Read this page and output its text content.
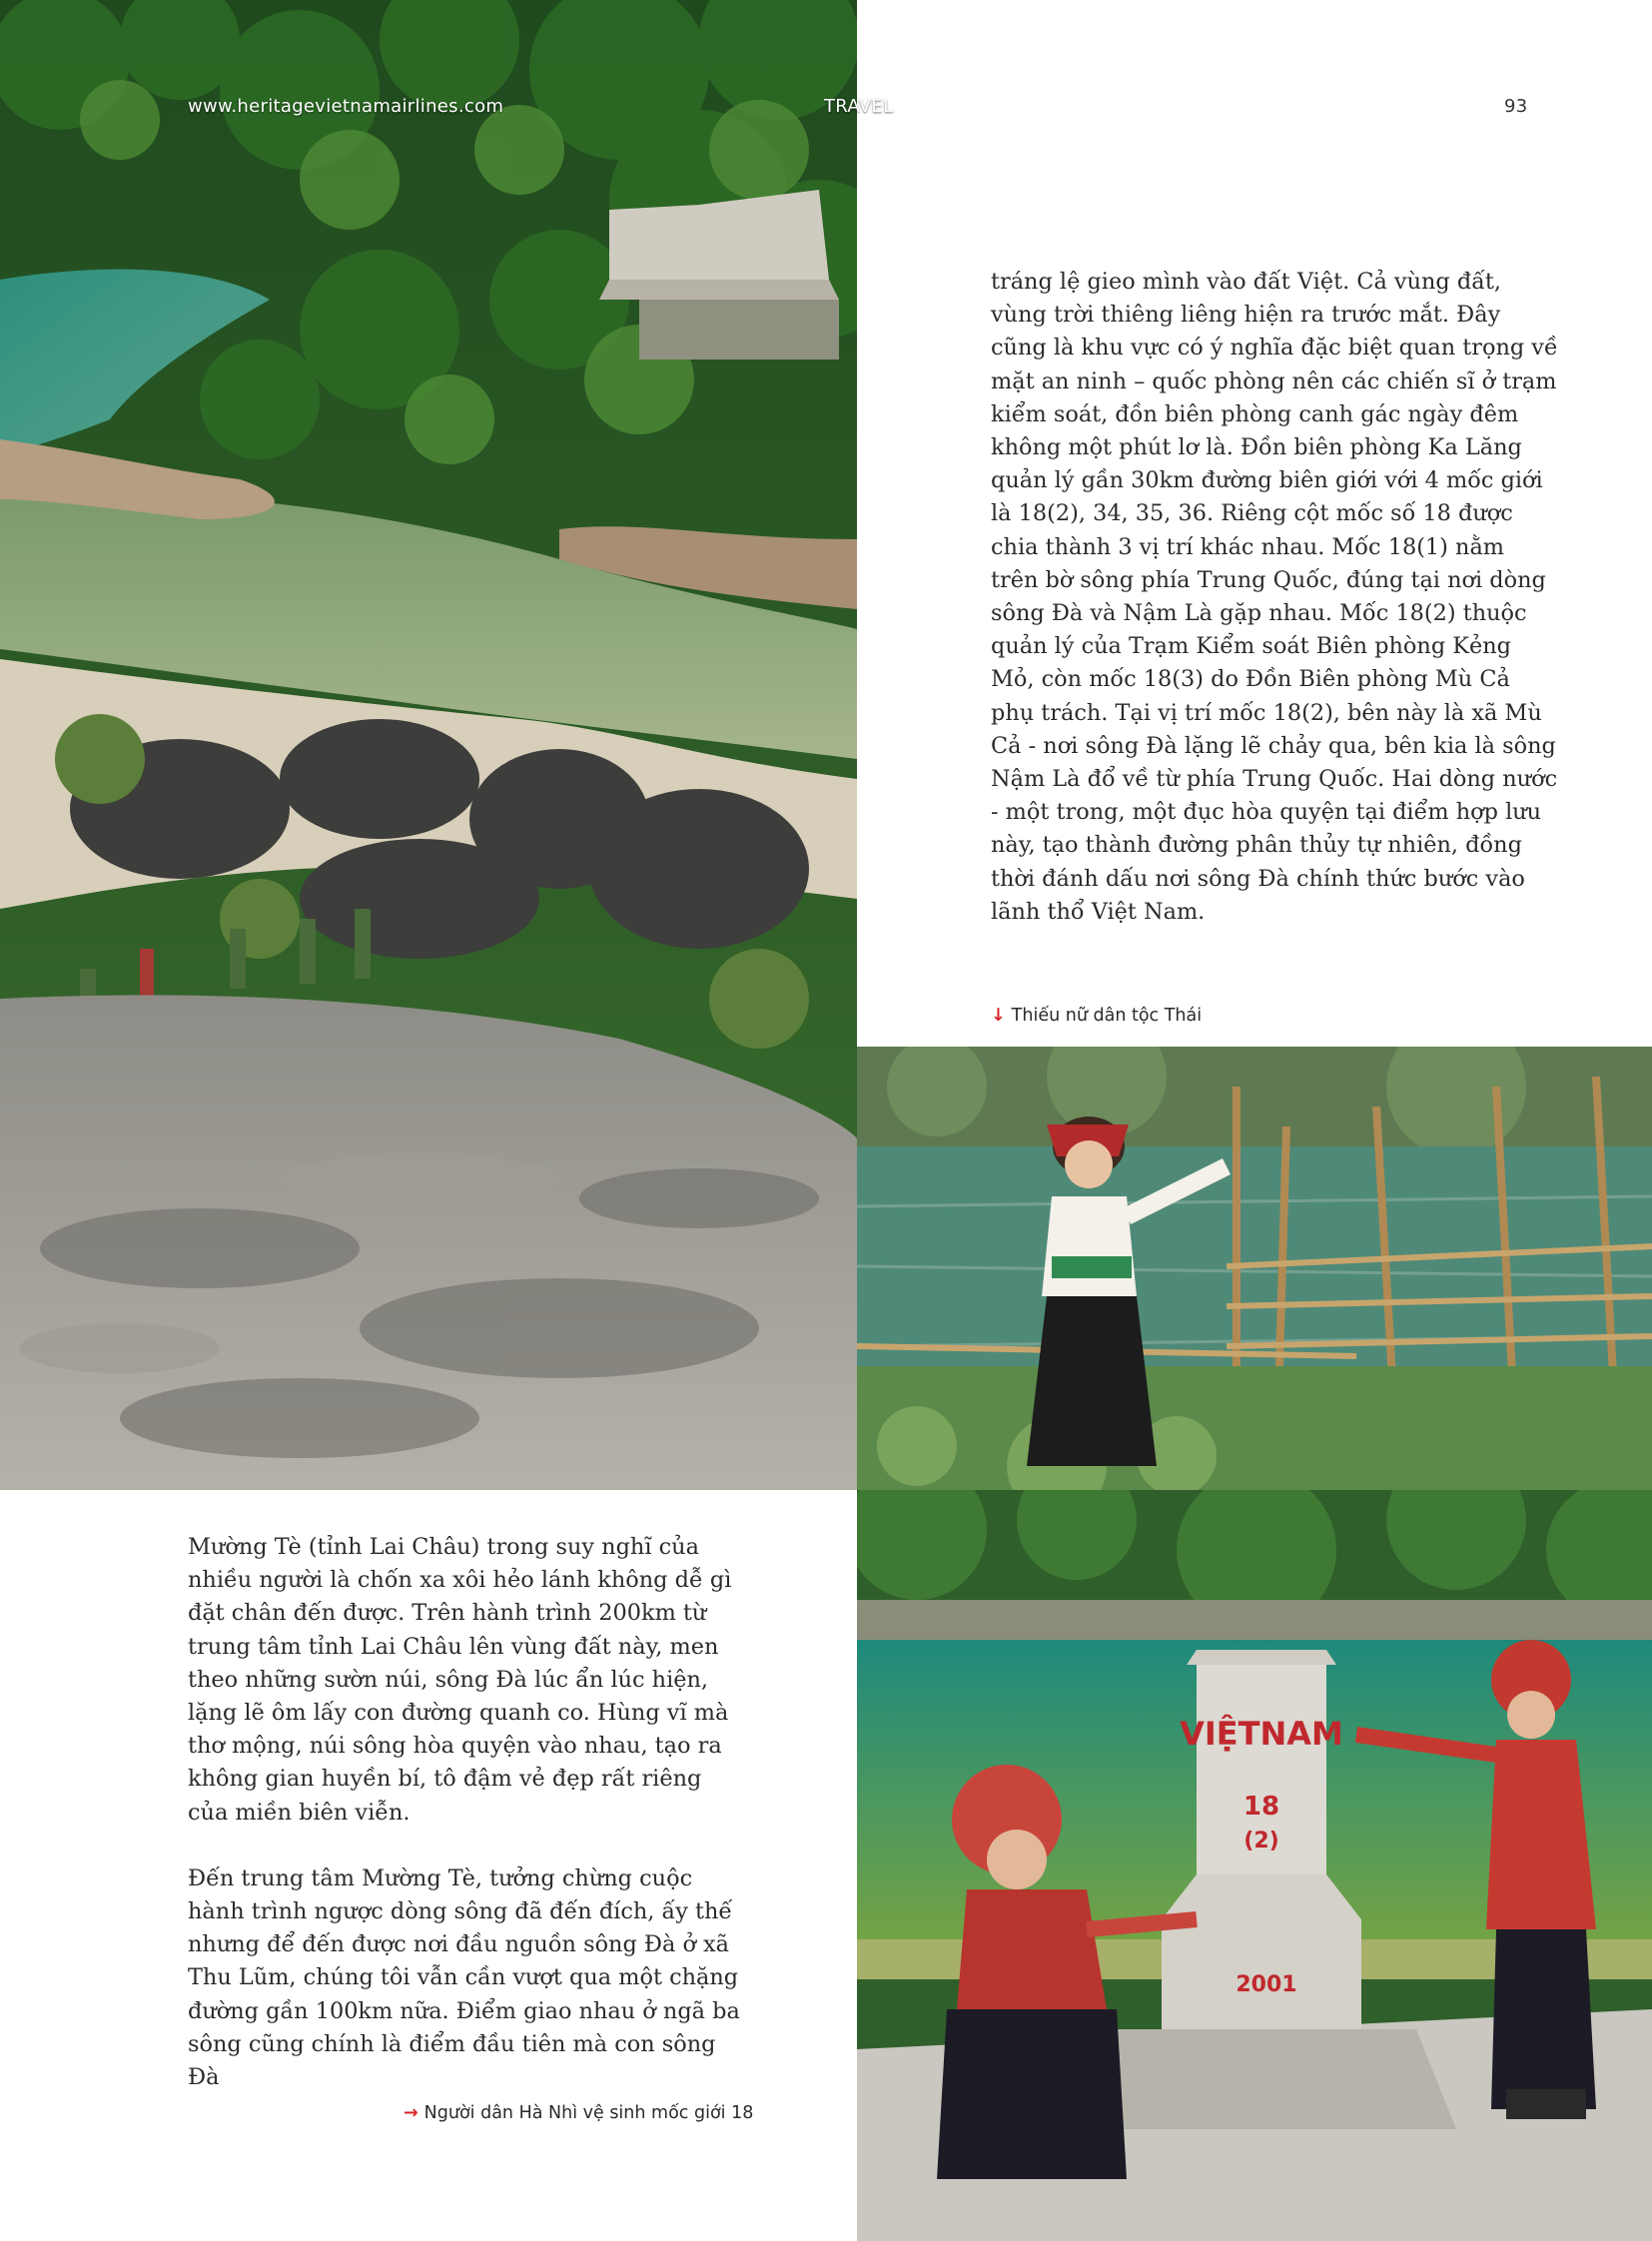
www.heritagevietnamairlines.com	TRAVEL	93

tráng lệ gieo mình vào đất Việt. Cả vùng đất, vùng trời thiêng liêng hiện ra trước mắt. Đây cũng là khu vực có ý nghĩa đặc biệt quan trọng về mặt an ninh – quốc phòng nên các chiến sĩ ở trạm kiểm soát, đồn biên phòng canh gác ngày đêm không một phút lơ là. Đồn biên phòng Ka Lăng quản lý gần 30km đường biên giới với 4 mốc giới là 18(2), 34, 35, 36. Riêng cột mốc số 18 được chia thành 3 vị trí khác nhau. Mốc 18(1) nằm trên bờ sông phía Trung Quốc, đúng tại nơi dòng sông Đà và Nậm Là gặp nhau. Mốc 18(2) thuộc quản lý của Trạm Kiểm soát Biên phòng Kẻng Mỏ, còn mốc 18(3) do Đồn Biên phòng Mù Cả phụ trách. Tại vị trí mốc 18(2), bên này là xã Mù Cả - nơi sông Đà lặng lẽ chảy qua, bên kia là sông Nậm Là đổ về từ phía Trung Quốc. Hai dòng nước - một trong, một đục hòa quyện tại điểm hợp lưu này, tạo thành đường phân thủy tự nhiên, đồng thời đánh dấu nơi sông Đà chính thức bước vào lãnh thổ Việt Nam.

↓ Thiếu nữ dân tộc Thái

Mường Tè (tỉnh Lai Châu) trong suy nghĩ của nhiều người là chốn xa xôi hẻo lánh không dễ gì đặt chân đến được. Trên hành trình 200km từ trung tâm tỉnh Lai Châu lên vùng đất này, men theo những sườn núi, sông Đà lúc ẩn lúc hiện, lặng lẽ ôm lấy con đường quanh co. Hùng vĩ mà thơ mộng, núi sông hòa quyện vào nhau, tạo ra không gian huyền bí, tô đậm vẻ đẹp rất riêng của miền biên viễn.

Đến trung tâm Mường Tè, tưởng chừng cuộc hành trình ngược dòng sông đã đến đích, ấy thế nhưng để đến được nơi đầu nguồn sông Đà ở xã Thu Lũm, chúng tôi vẫn cần vượt qua một chặng đường gần 100km nữa. Điểm giao nhau ở ngã ba sông cũng chính là điểm đầu tiên mà con sông Đà

→ Người dân Hà Nhì vệ sinh mốc giới 18
VIỆTNAM
18
(2)
2001
